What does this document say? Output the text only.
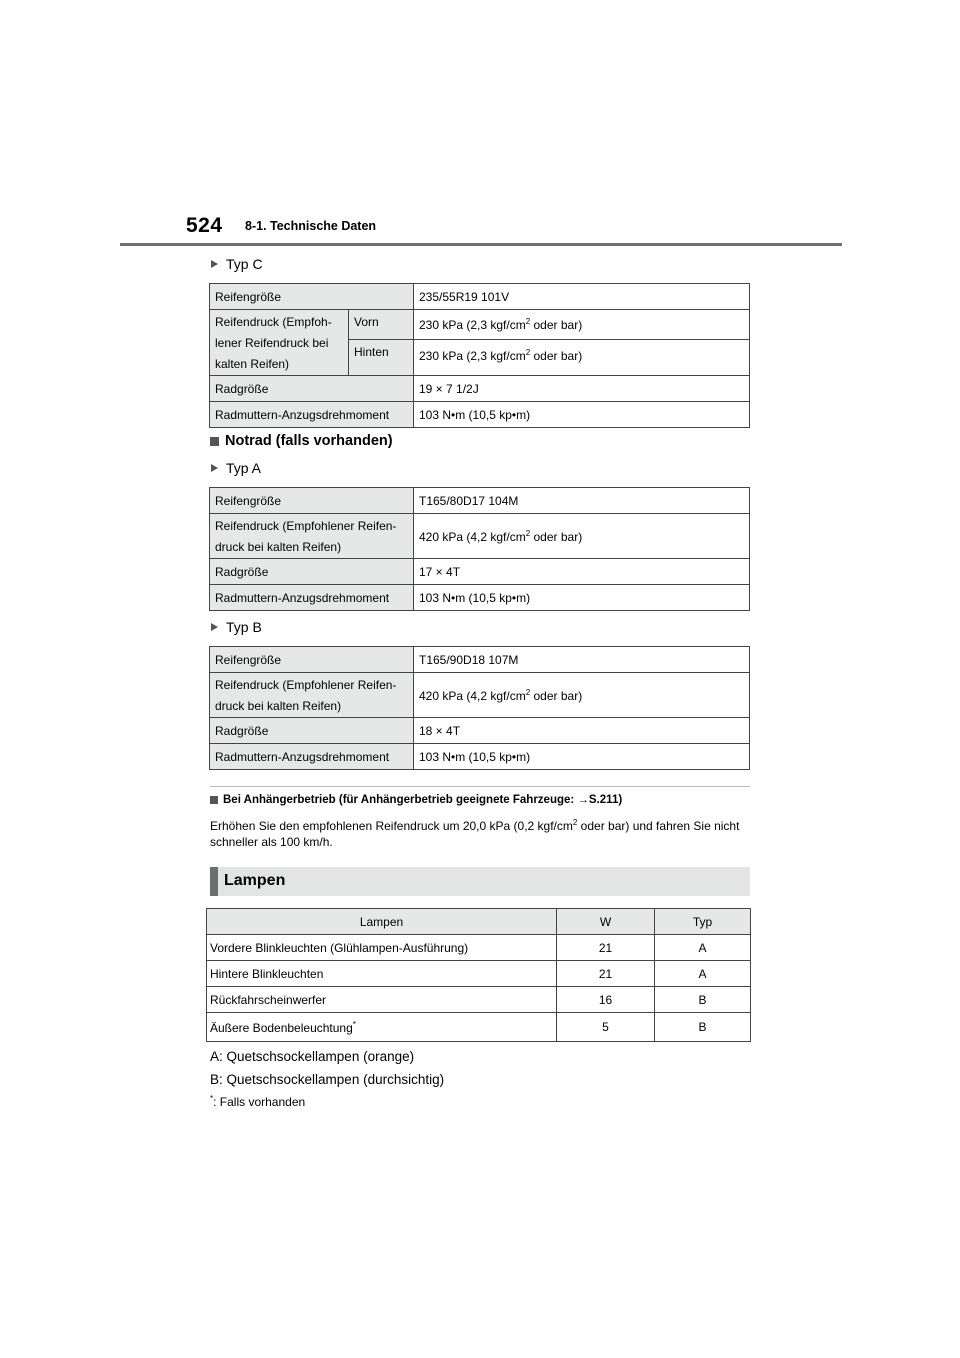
524 8-1. Technische Daten
Typ C
Reifengröße		235/55R19 101V

Reifendruck (Empfoh-
lener Reifendruck bei
kalten Reifen)	Vorn	230 kPa (2,3 kgf/$cm^2$ oder bar)
	Hinten	230 kPa (2,3 kgf/$cm^2$ oder bar)
Radgröße		19 × 7 1/2J
Radmuttern-Anzugsdrehmoment		103 N•m (10,5 kp•m)
Notrad (falls vorhanden)
Typ A
Reifengröße	T165/80D17 104M

Reifendruck (Empfohlener Reifen-
druck bei kalten Reifen)	420 kPa (4,2 kgf/$cm^2$ oder bar)
Radgröße	17 × 4T
Radmuttern-Anzugsdrehmoment	103 N•m (10,5 kp•m)
Typ B
Reifengröße	T165/90D18 107M

Reifendruck (Empfohlener Reifen-
druck bei kalten Reifen)	420 kPa (4,2 kgf/$cm^2$ oder bar)
Radgröße	18 × 4T
Radmuttern-Anzugsdrehmoment	103 N•m (10,5 kp•m)
Bei Anhängerbetrieb (für Anhängerbetrieb geeignete Fahrzeuge: →S.211)
Erhöhen Sie den empfohlenen Reifendruck um 20,0 kPa (0,2 kgf/$cm^2$ oder bar) und fahren Sie nicht schneller als 100 km/h.
Lampen
Lampen	W	Typ
Vordere Blinkleuchten (Glühlampen-Ausführung)	21	A
Hintere Blinkleuchten	21	A
Rückfahrscheinwerfer	16	B
Äußere Bodenbeleuchtung*	5	B
A: Quetschsockellampen (orange)
B: Quetschsockellampen (durchsichtig)
*: Falls vorhanden
